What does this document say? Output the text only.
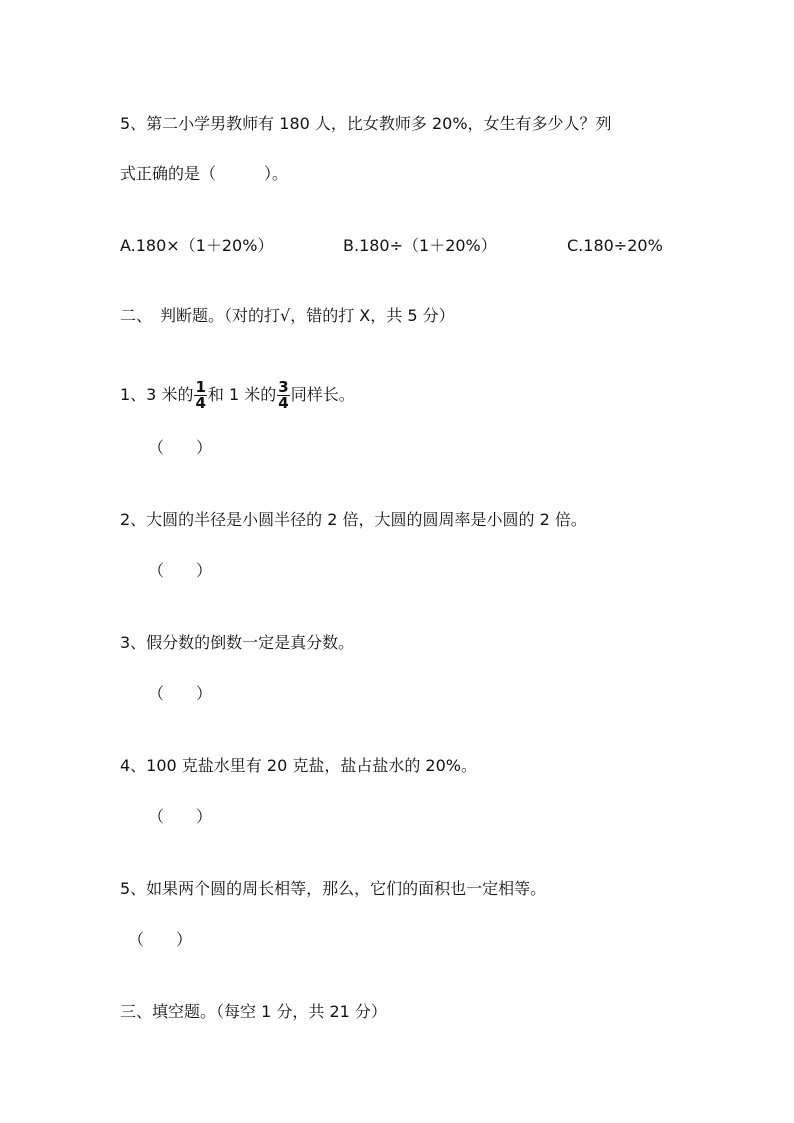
5、第二小学男教师有 180 人，比女教师多 20%，女生有多少人？列
式正确的是（　　　）。
A.180×（1＋20%）	B.180÷（1＋20%）	C.180÷20%
二、　判断题。（对的打√，错的打 X，共 5 分）
1、3 米的 $\frac{1}{4}$ 和 1 米的 $\frac{3}{4}$ 同样长。
（　　）
2、大圆的半径是小圆半径的 2 倍，大圆的圆周率是小圆的 2 倍。
（　　）
3、假分数的倒数一定是真分数。
（　　）
4、100 克盐水里有 20 克盐，盐占盐水的 20%。
（　　）
5、如果两个圆的周长相等，那么，它们的面积也一定相等。
（　　）
三、填空题。（每空 1 分，共 21 分）
